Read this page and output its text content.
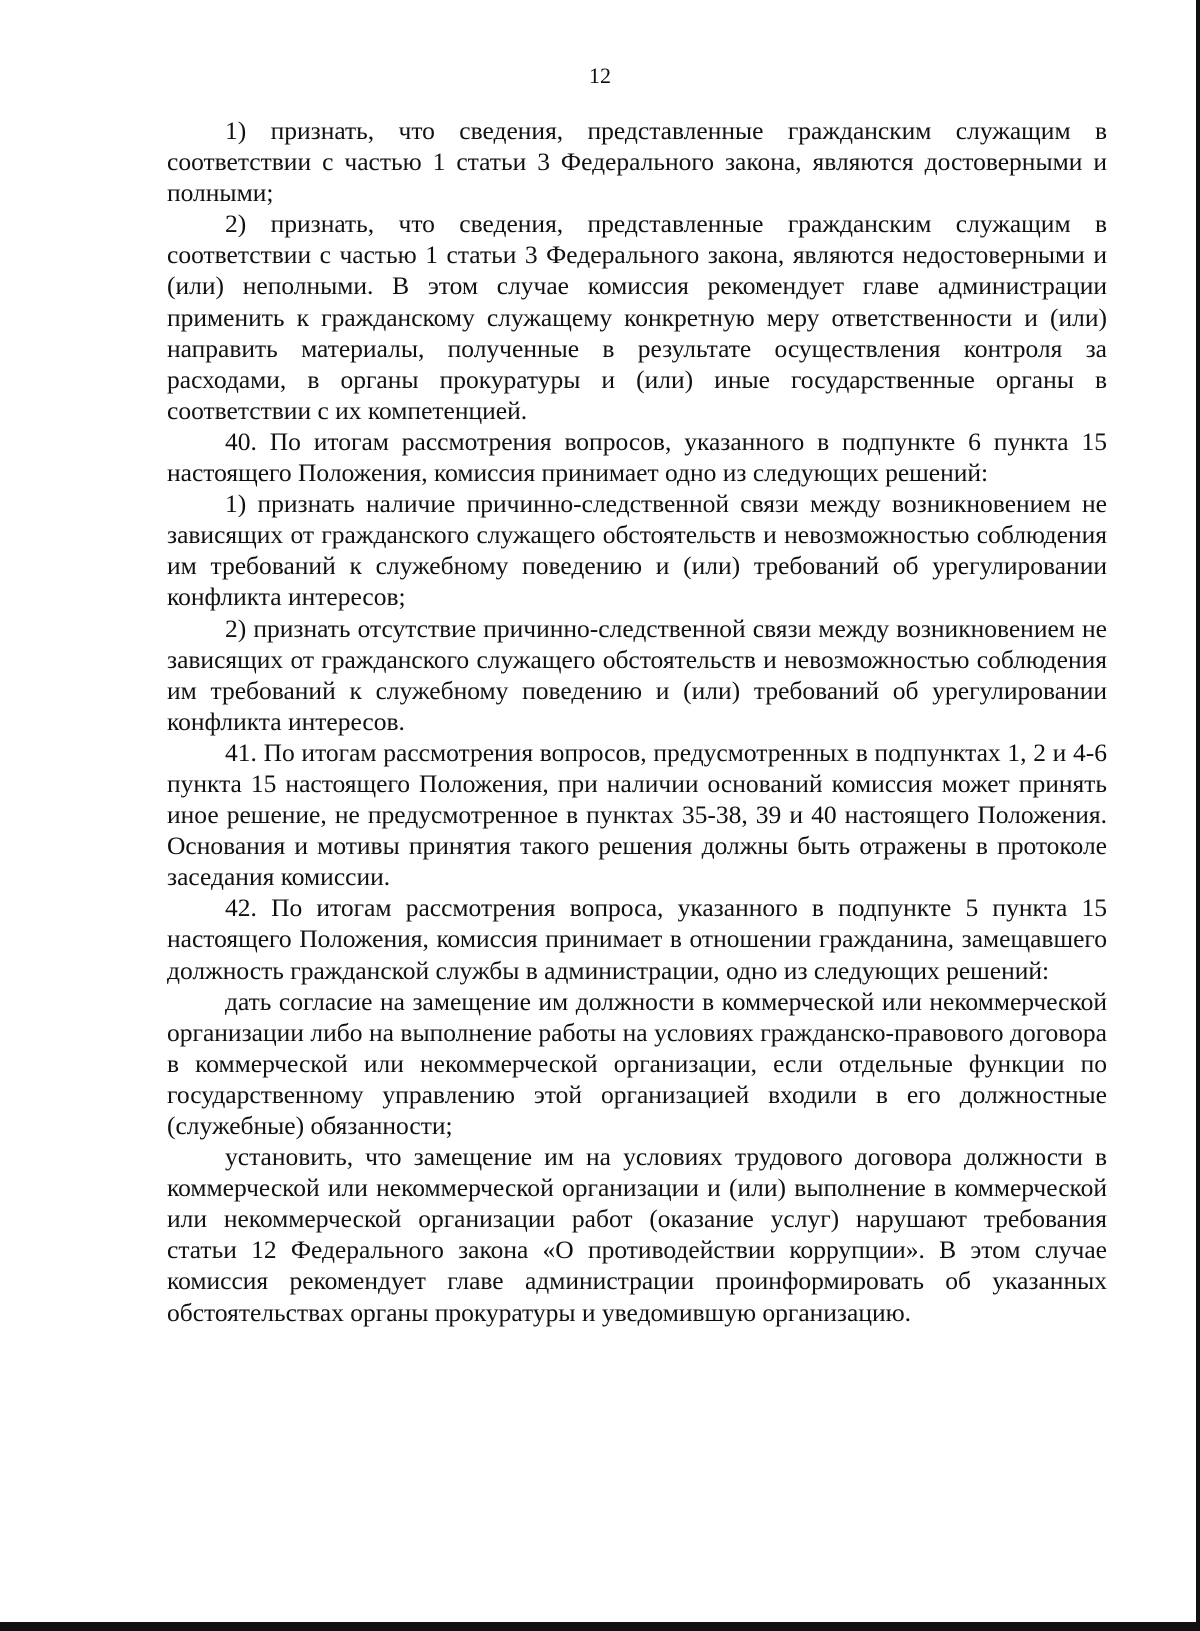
12

1) признать, что сведения, представленные гражданским служащим в соответствии с частью 1 статьи 3 Федерального закона, являются достоверными и полными;

2) признать, что сведения, представленные гражданским служащим в соответствии с частью 1 статьи 3 Федерального закона, являются недостоверными и (или) неполными. В этом случае комиссия рекомендует главе администрации применить к гражданскому служащему конкретную меру ответственности и (или) направить материалы, полученные в результате осуществления контроля за расходами, в органы прокуратуры и (или) иные государственные органы в соответствии с их компетенцией.

40. По итогам рассмотрения вопросов, указанного в подпункте 6 пункта 15 настоящего Положения, комиссия принимает одно из следующих решений:

1) признать наличие причинно-следственной связи между возникновением не зависящих от гражданского служащего обстоятельств и невозможностью соблюдения им требований к служебному поведению и (или) требований об урегулировании конфликта интересов;

2) признать отсутствие причинно-следственной связи между возникновением не зависящих от гражданского служащего обстоятельств и невозможностью соблюдения им требований к служебному поведению и (или) требований об урегулировании конфликта интересов.

41. По итогам рассмотрения вопросов, предусмотренных в подпунктах 1, 2 и 4-6 пункта 15 настоящего Положения, при наличии оснований комиссия может принять иное решение, не предусмотренное в пунктах 35-38, 39 и 40 настоящего Положения. Основания и мотивы принятия такого решения должны быть отражены в протоколе заседания комиссии.

42. По итогам рассмотрения вопроса, указанного в подпункте 5 пункта 15 настоящего Положения, комиссия принимает в отношении гражданина, замещавшего должность гражданской службы в администрации, одно из следующих решений:

дать согласие на замещение им должности в коммерческой или некоммерческой организации либо на выполнение работы на условиях гражданско-правового договора в коммерческой или некоммерческой организации, если отдельные функции по государственному управлению этой организацией входили в его должностные (служебные) обязанности;

установить, что замещение им на условиях трудового договора должности в коммерческой или некоммерческой организации и (или) выполнение в коммерческой или некоммерческой организации работ (оказание услуг) нарушают требования статьи 12 Федерального закона «О противодействии коррупции». В этом случае комиссия рекомендует главе администрации проинформировать об указанных обстоятельствах органы прокуратуры и уведомившую организацию.
